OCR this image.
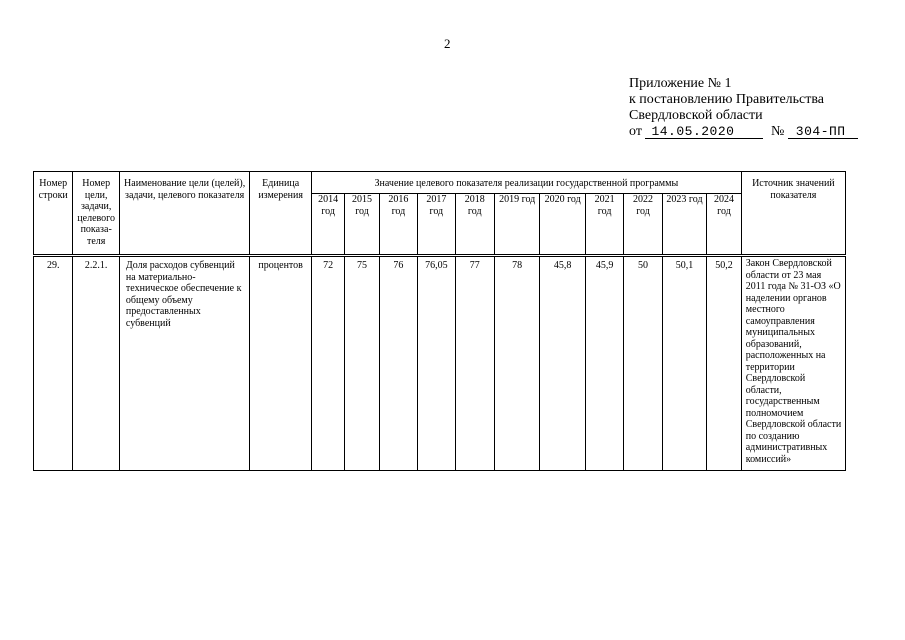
2
Приложение № 1
к постановлению Правительства
Свердловской области
от 14.05.2020	№ 304-ПП
Номер строки	Номер цели, задачи, целевого показа-теля	Наименование цели (целей), задачи, целевого показателя	Единица измерения	Значение целевого показателя реализации государственной программы											Источник значений показателя
				2014 год	2015 год	2016 год	2017 год	2018 год	2019 год	2020 год	2021 год	2022 год	2023 год	2024 год	
29.	2.2.1.	Доля расходов субвенций на материально-техническое обеспечение к общему объему предоставленных субвенций	процентов	72	75	76	76,05	77	78	45,8	45,9	50	50,1	50,2	Закон Свердловской области от 23 мая 2011 года № 31-ОЗ «О наделении органов местного самоуправления муниципальных образований, расположенных на территории Свердловской области, государственным полномочием Свердловской области по созданию административных комиссий»
